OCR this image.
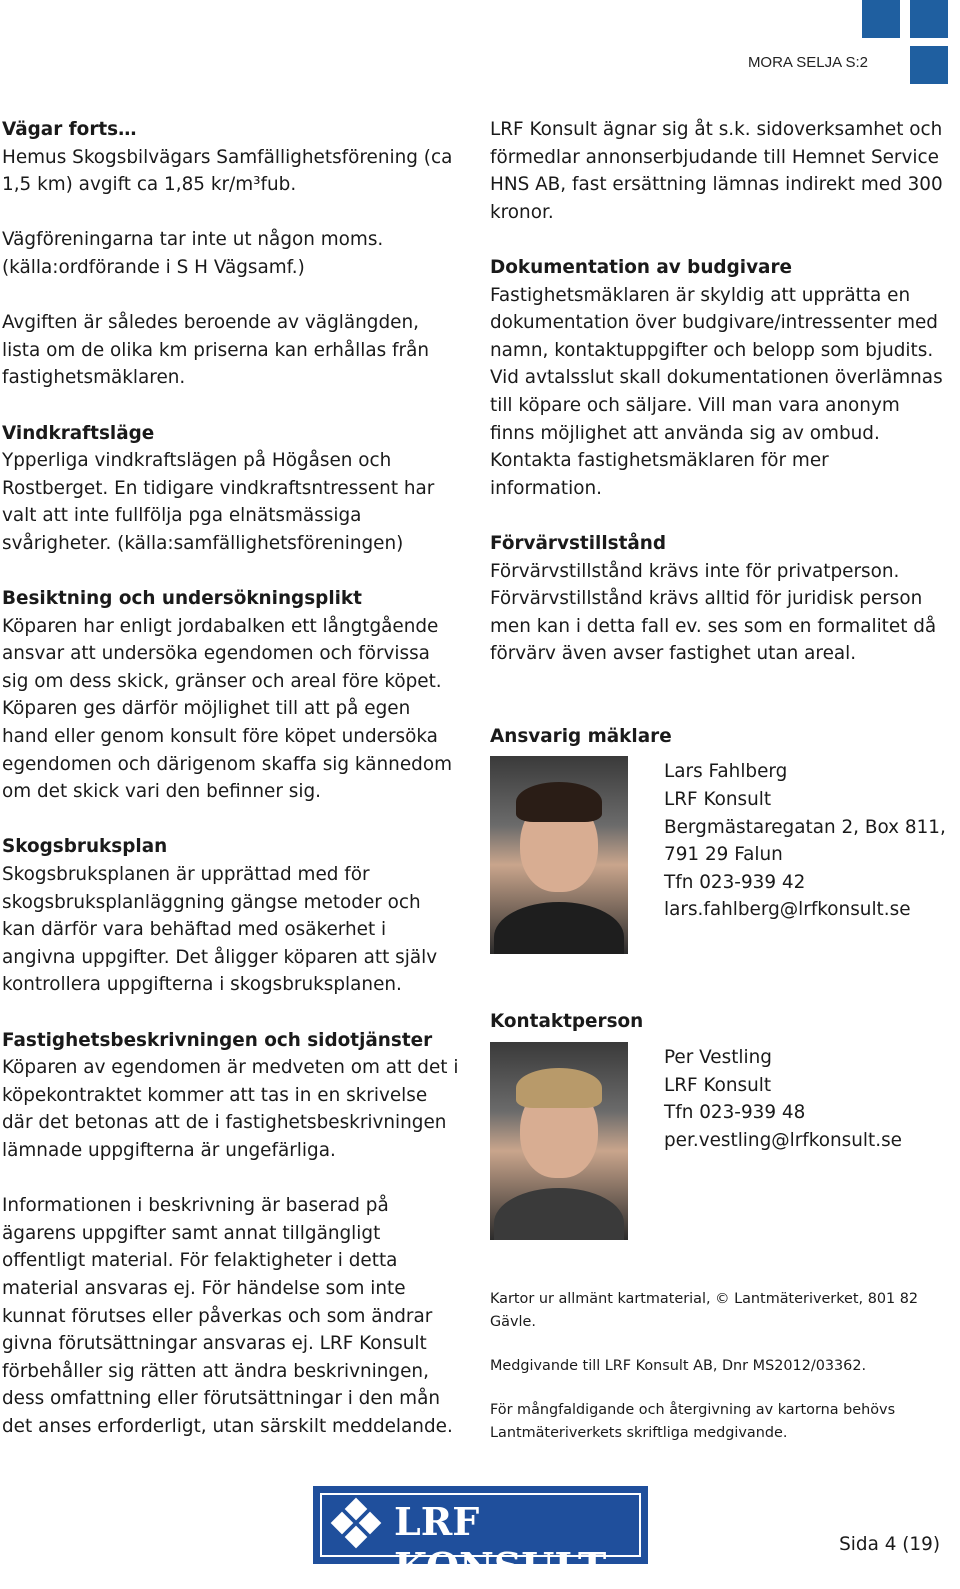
MORA SELJA S:2
Vägar forts…
Hemus Skogsbilvägars Samfällighetsförening (ca
1,5 km) avgift ca 1,85 kr/m³fub.
Vägföreningarna tar inte ut någon moms.
(källa:ordförande i S H Vägsamf.)
Avgiften är således beroende av väglängden,
lista om de olika km priserna kan erhållas från
fastighetsmäklaren.
Vindkraftsläge
Ypperliga vindkraftslägen på Högåsen och
Rostberget. En tidigare vindkraftsntressent har
valt att inte fullfölja pga elnätsmässiga
svårigheter. (källa:samfällighetsföreningen)
Besiktning och undersökningsplikt
Köparen har enligt jordabalken ett långtgående
ansvar att undersöka egendomen och förvissa
sig om dess skick, gränser och areal före köpet.
Köparen ges därför möjlighet till att på egen
hand eller genom konsult före köpet undersöka
egendomen och därigenom skaffa sig kännedom
om det skick vari den befinner sig.
Skogsbruksplan
Skogsbruksplanen är upprättad med för
skogsbruksplanläggning gängse metoder och
kan därför vara behäftad med osäkerhet i
angivna uppgifter. Det åligger köparen att själv
kontrollera uppgifterna i skogsbruksplanen.
Fastighetsbeskrivningen och sidotjänster
Köparen av egendomen är medveten om att det i
köpekontraktet kommer att tas in en skrivelse
där det betonas att de i fastighetsbeskrivningen
lämnade uppgifterna är ungefärliga.
Informationen i beskrivning är baserad på
ägarens uppgifter samt annat tillgängligt
offentligt material. För felaktigheter i detta
material ansvaras ej. För händelse som inte
kunnat förutses eller påverkas och som ändrar
givna förutsättningar ansvaras ej. LRF Konsult
förbehåller sig rätten att ändra beskrivningen,
dess omfattning eller förutsättningar i den mån
det anses erforderligt, utan särskilt meddelande.
LRF Konsult ägnar sig åt s.k. sidoverksamhet och
förmedlar annonserbjudande till Hemnet Service
HNS AB, fast ersättning lämnas indirekt med 300
kronor.
Dokumentation av budgivare
Fastighetsmäklaren är skyldig att upprätta en
dokumentation över budgivare/intressenter med
namn, kontaktuppgifter och belopp som bjudits.
Vid avtalsslut skall dokumentationen överlämnas
till köpare och säljare. Vill man vara anonym
finns möjlighet att använda sig av ombud.
Kontakta fastighetsmäklaren för mer
information.
Förvärvstillstånd
Förvärvstillstånd krävs inte för privatperson.
Förvärvstillstånd krävs alltid för juridisk person
men kan i detta fall ev. ses som en formalitet då
förvärv även avser fastighet utan areal.
Ansvarig mäklare
Lars Fahlberg
LRF Konsult
Bergmästaregatan 2, Box 811,
791 29 Falun
Tfn 023-939 42
lars.fahlberg@lrfkonsult.se
Kontaktperson
Per Vestling
LRF Konsult
Tfn 023-939 48
per.vestling@lrfkonsult.se
Kartor ur allmänt kartmaterial, © Lantmäteriverket, 801 82
Gävle.
Medgivande till LRF Konsult AB, Dnr MS2012/03362.
För mångfaldigande och återgivning av kartorna behövs
Lantmäteriverkets skriftliga medgivande.
LRF KONSULT	Sida 4 (19)
